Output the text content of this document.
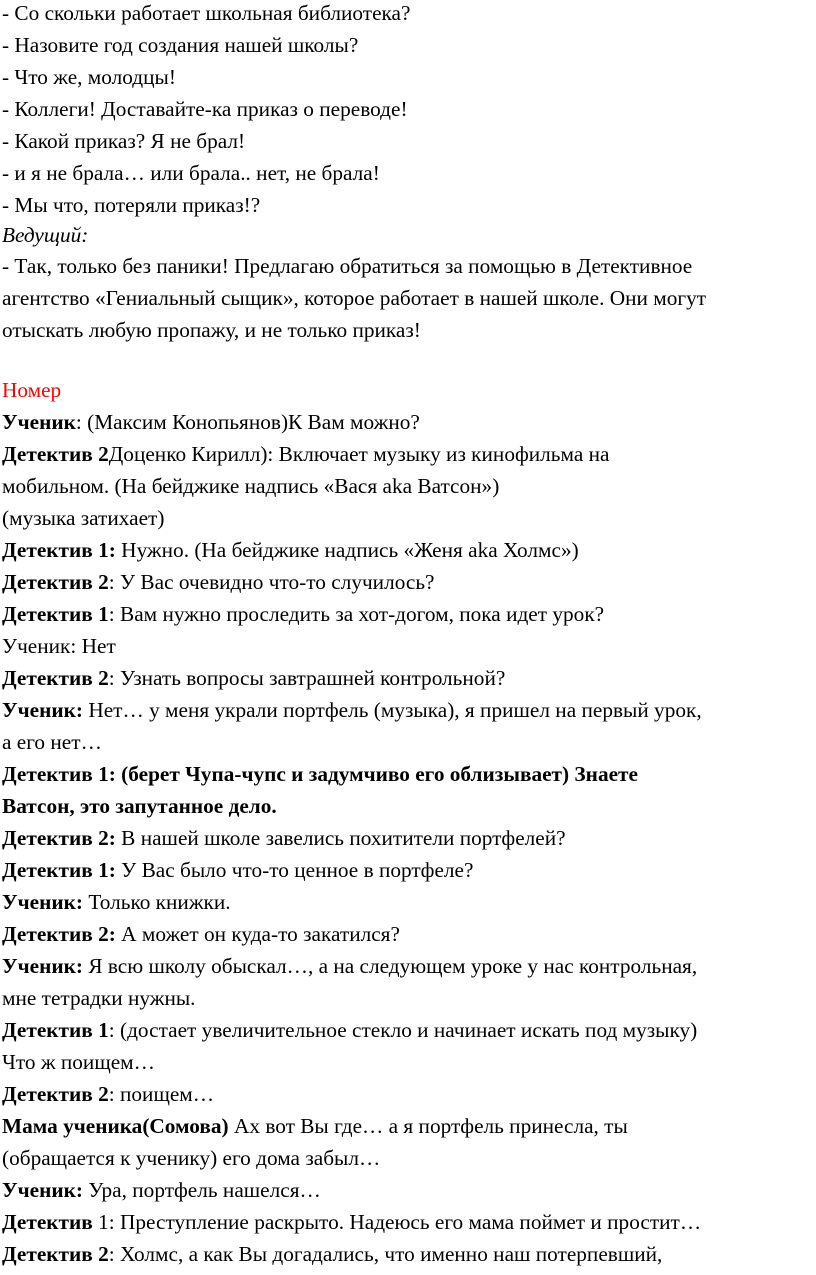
- Со скольки работает школьная библиотека?
- Назовите год создания нашей школы?
- Что же, молодцы!
- Коллеги! Доставайте-ка приказ о переводе!
- Какой приказ? Я не брал!
- и я не брала… или брала.. нет, не брала!
- Мы что, потеряли приказ!?
Ведущий:
- Так, только без паники! Предлагаю обратиться за помощью в Детективное
агентство «Гениальный сыщик», которое работает в нашей школе. Они могут
отыскать любую пропажу, и не только приказ!
Номер
Ученик: (Максим Конопьянов)К Вам можно?
Детектив 2Доценко Кирилл): Включает музыку из кинофильма на
мобильном. (На бейджике надпись «Вася aka Ватсон»)
(музыка затихает)
Детектив 1: Нужно. (На бейджике надпись «Женя aka Холмс»)
Детектив 2: У Вас очевидно что-то случилось?
Детектив 1: Вам нужно проследить за хот-догом, пока идет урок?
Ученик: Нет
Детектив 2: Узнать вопросы завтрашней контрольной?
Ученик: Нет… у меня украли портфель (музыка), я пришел на первый урок,
а его нет…
Детектив 1: (берет Чупа-чупс и задумчиво его облизывает) Знаете
Ватсон, это запутанное дело.
Детектив 2: В нашей школе завелись похитители портфелей?
Детектив 1: У Вас было что-то ценное в портфеле?
Ученик: Только книжки.
Детектив 2: А может он куда-то закатился?
Ученик: Я всю школу обыскал…, а на следующем уроке у нас контрольная,
мне тетрадки нужны.
Детектив 1: (достает увеличительное стекло и начинает искать под музыку)
Что ж поищем…
Детектив 2: поищем…
Мама ученика(Сомова) Ах вот Вы где… а я портфель принесла, ты
(обращается к ученику) его дома забыл…
Ученик: Ура, портфель нашелся…
Детектив 1: Преступление раскрыто. Надеюсь его мама поймет и простит…
Детектив 2: Холмс, а как Вы догадались, что именно наш потерпевший,
